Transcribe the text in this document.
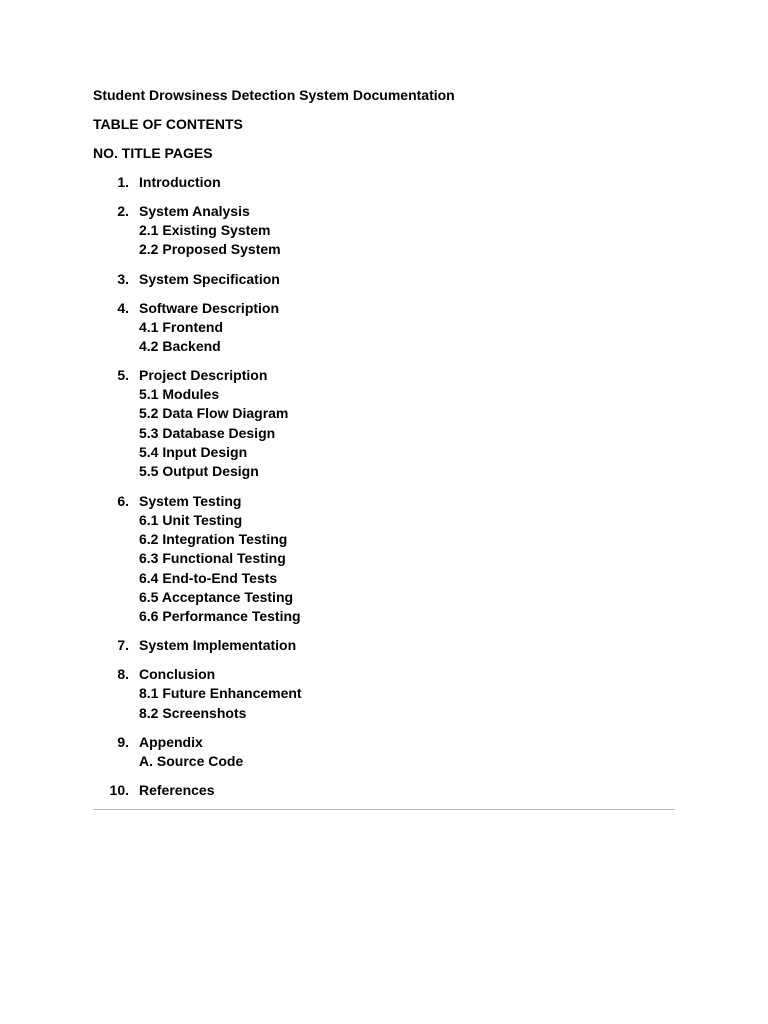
Student Drowsiness Detection System Documentation
TABLE OF CONTENTS
NO. TITLE PAGES
1. Introduction
2. System Analysis
2.1 Existing System
2.2 Proposed System
3. System Specification
4. Software Description
4.1 Frontend
4.2 Backend
5. Project Description
5.1 Modules
5.2 Data Flow Diagram
5.3 Database Design
5.4 Input Design
5.5 Output Design
6. System Testing
6.1 Unit Testing
6.2 Integration Testing
6.3 Functional Testing
6.4 End-to-End Tests
6.5 Acceptance Testing
6.6 Performance Testing
7. System Implementation
8. Conclusion
8.1 Future Enhancement
8.2 Screenshots
9. Appendix
A. Source Code
10. References
